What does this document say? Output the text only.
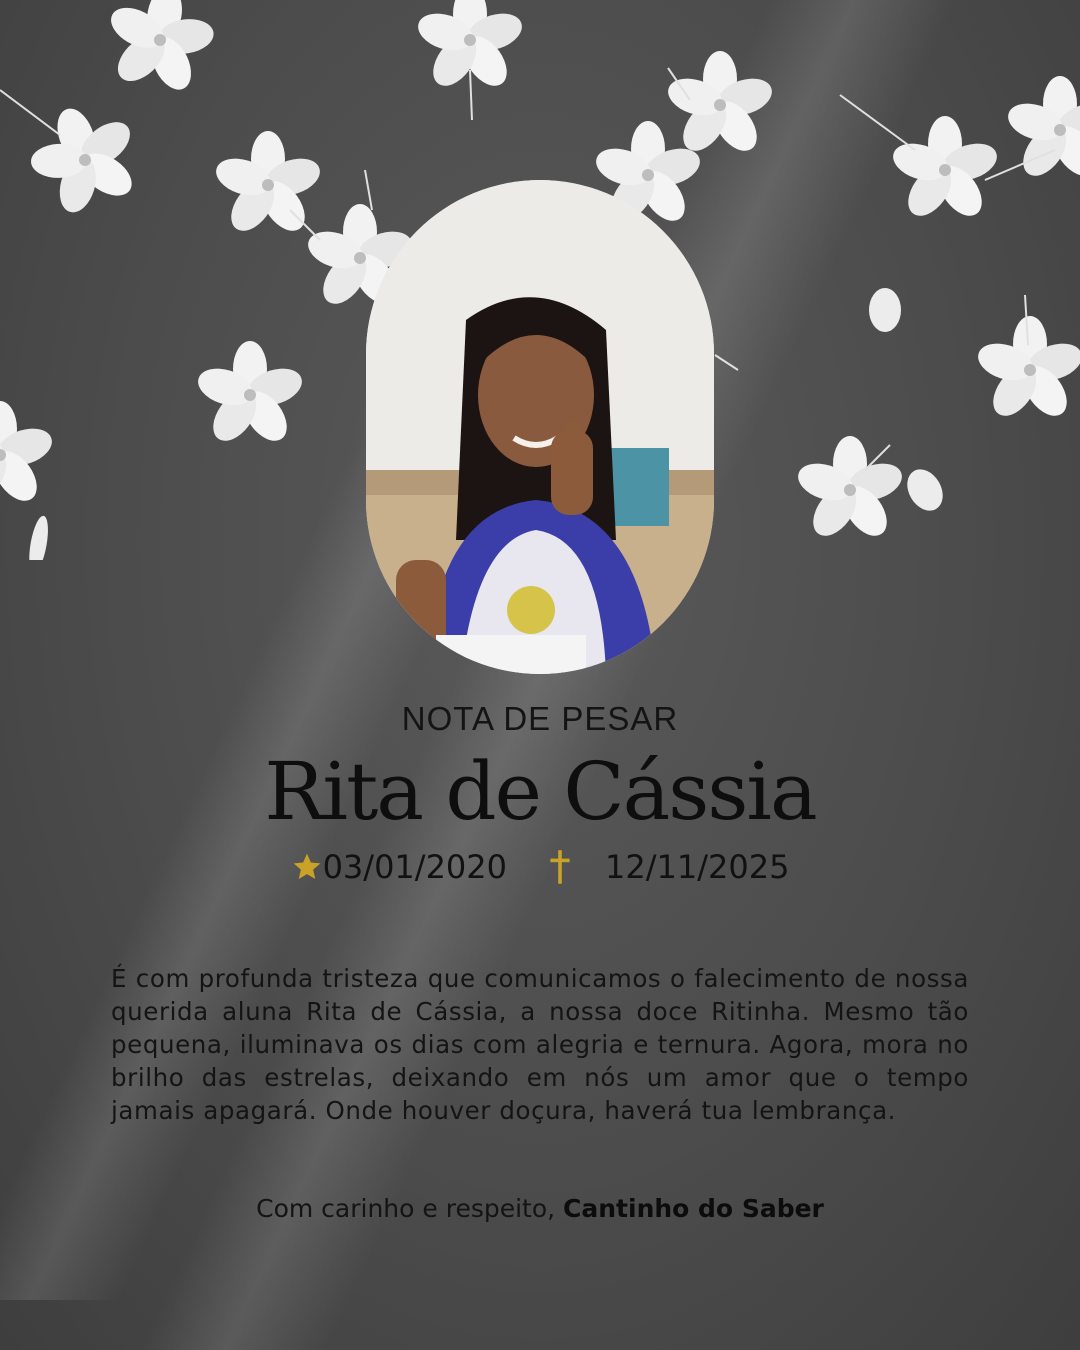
NOTA DE PESAR
Rita de Cássia
03/01/2020	12/11/2025
É com profunda tristeza que comunicamos o falecimento de nossa querida aluna Rita de Cássia, a nossa doce Ritinha. Mesmo tão pequena, iluminava os dias com alegria e ternura. Agora, mora no brilho das estrelas, deixando em nós um amor que o tempo jamais apagará. Onde houver doçura, haverá tua lembrança.
Com carinho e respeito, Cantinho do Saber
